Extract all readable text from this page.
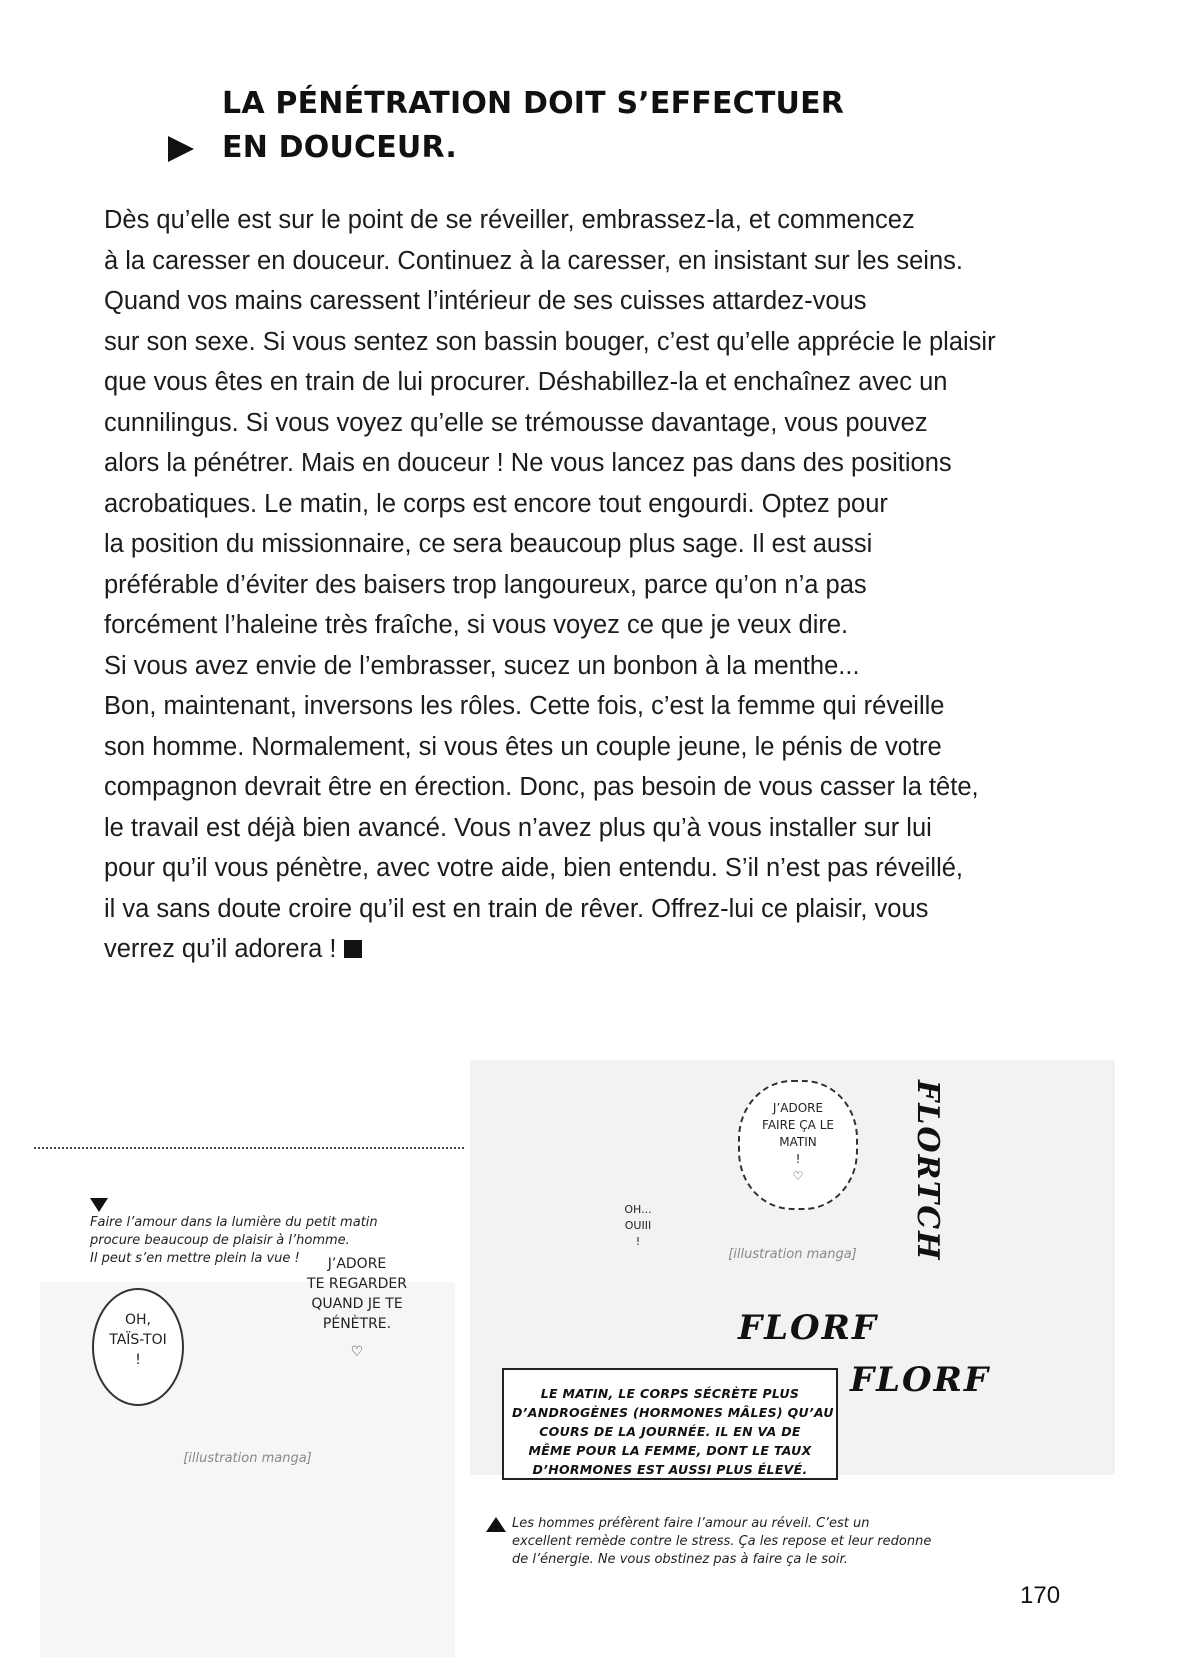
LA PÉNÉTRATION DOIT S’EFFECTUER
EN DOUCEUR.
Dès qu’elle est sur le point de se réveiller, embrassez-la, et commencez
à la caresser en douceur. Continuez à la caresser, en insistant sur les seins.
Quand vos mains caressent l’intérieur de ses cuisses attardez-vous
sur son sexe. Si vous sentez son bassin bouger, c’est qu’elle apprécie le plaisir
que vous êtes en train de lui procurer. Déshabillez-la et enchaînez avec un
cunnilingus. Si vous voyez qu’elle se trémousse davantage, vous pouvez
alors la pénétrer. Mais en douceur ! Ne vous lancez pas dans des positions
acrobatiques. Le matin, le corps est encore tout engourdi. Optez pour
la position du missionnaire, ce sera beaucoup plus sage. Il est aussi
préférable d’éviter des baisers trop langoureux, parce qu’on n’a pas
forcément l’haleine très fraîche, si vous voyez ce que je veux dire.
Si vous avez envie de l’embrasser, sucez un bonbon à la menthe...
Bon, maintenant, inversons les rôles. Cette fois, c’est la femme qui réveille
son homme. Normalement, si vous êtes un couple jeune, le pénis de votre
compagnon devrait être en érection. Donc, pas besoin de vous casser la tête,
le travail est déjà bien avancé. Vous n’avez plus qu’à vous installer sur lui
pour qu’il vous pénètre, avec votre aide, bien entendu. S’il n’est pas réveillé,
il va sans doute croire qu’il est en train de rêver. Offrez-lui ce plaisir, vous
verrez qu’il adorera !
Faire l’amour dans la lumière du petit matin
procure beaucoup de plaisir à l’homme.
Il peut s’en mettre plein la vue !
[illustration manga]
OH,
TAÏS-TOI
!
J’ADORE
TE REGARDER
QUAND JE TE
PÉNÈTRE.
♡
[illustration manga]
J’ADORE
FAIRE ÇA LE
MATIN
!
♡
OH...
OUIII
!	FLORTCH
FLORF
FLORF
LE MATIN, LE CORPS SÉCRÈTE PLUS
D’ANDROGÈNES (HORMONES MÂLES) QU’AU
COURS DE LA JOURNÉE. IL EN VA DE
MÊME POUR LA FEMME, DONT LE TAUX
D’HORMONES EST AUSSI PLUS ÉLEVÉ.
Les hommes préfèrent faire l’amour au réveil. C’est un
excellent remède contre le stress. Ça les repose et leur redonne
de l’énergie. Ne vous obstinez pas à faire ça le soir.
170
